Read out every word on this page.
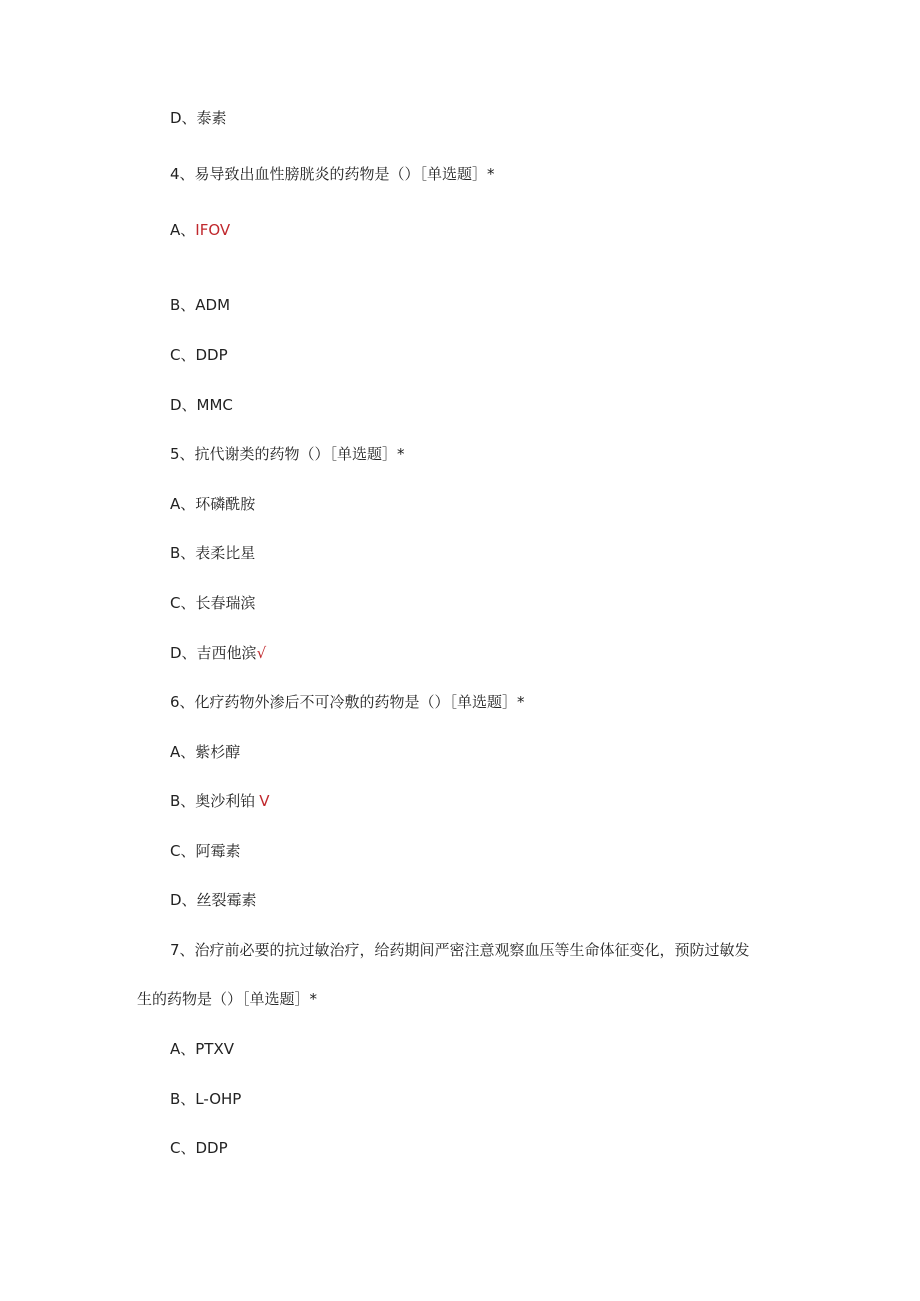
D、泰素
4、易导致出血性膀胱炎的药物是（）［单选题］*
A、IFOV
B、ADM
C、DDP
D、MMC
5、抗代谢类的药物（）［单选题］*
A、环磷酰胺
B、表柔比星
C、长春瑞滨
D、吉西他滨√
6、化疗药物外渗后不可冷敷的药物是（）［单选题］*
A、紫杉醇
B、奥沙利铂 V
C、阿霉素
D、丝裂霉素
7、治疗前必要的抗过敏治疗，给药期间严密注意观察血压等生命体征变化，预防过敏发
生的药物是（）［单选题］*
A、PTXV
B、L-OHP
C、DDP
